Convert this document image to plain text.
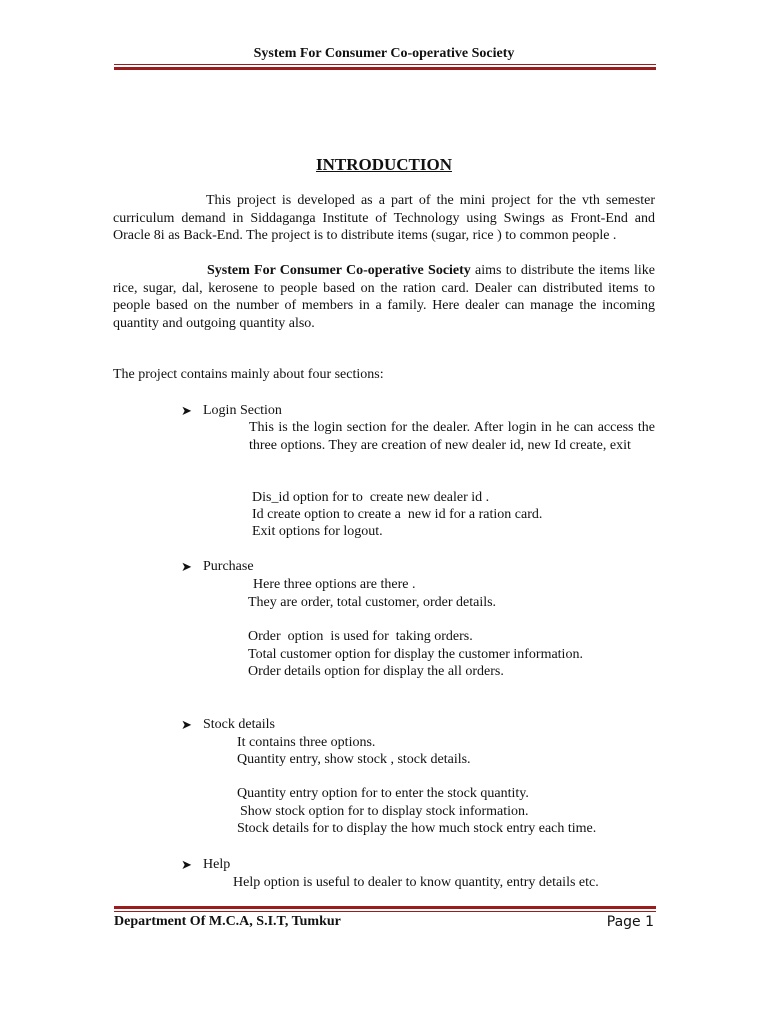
System For Consumer Co-operative Society
INTRODUCTION
This project is developed as a part of the mini project for the vth semester curriculum demand in Siddaganga Institute of Technology using Swings as Front-End and Oracle 8i as Back-End. The project is to distribute items (sugar, rice ) to common people .
System For Consumer Co-operative Society aims to distribute the items like rice, sugar, dal, kerosene to people based on the ration card. Dealer can distributed items to people based on the number of members in a family. Here dealer can manage the incoming quantity and outgoing quantity also.
The project contains mainly about four sections:
➤ Login Section
This is the login section for the dealer. After login in he can access the three options. They are creation of new dealer id, new Id create, exit
Dis_id option for to  create new dealer id .
Id create option to create a  new id for a ration card.
Exit options for logout.
➤ Purchase
Here three options are there .
They are order, total customer, order details.
Order  option  is used for  taking orders.
Total customer option for display the customer information.
Order details option for display the all orders.
➤ Stock details
It contains three options.
Quantity entry, show stock , stock details.
Quantity entry option for to enter the stock quantity.
Show stock option for to display stock information.
Stock details for to display the how much stock entry each time.
➤ Help
Help option is useful to dealer to know quantity, entry details etc.
Department Of M.C.A, S.I.T, Tumkur	Page 1
